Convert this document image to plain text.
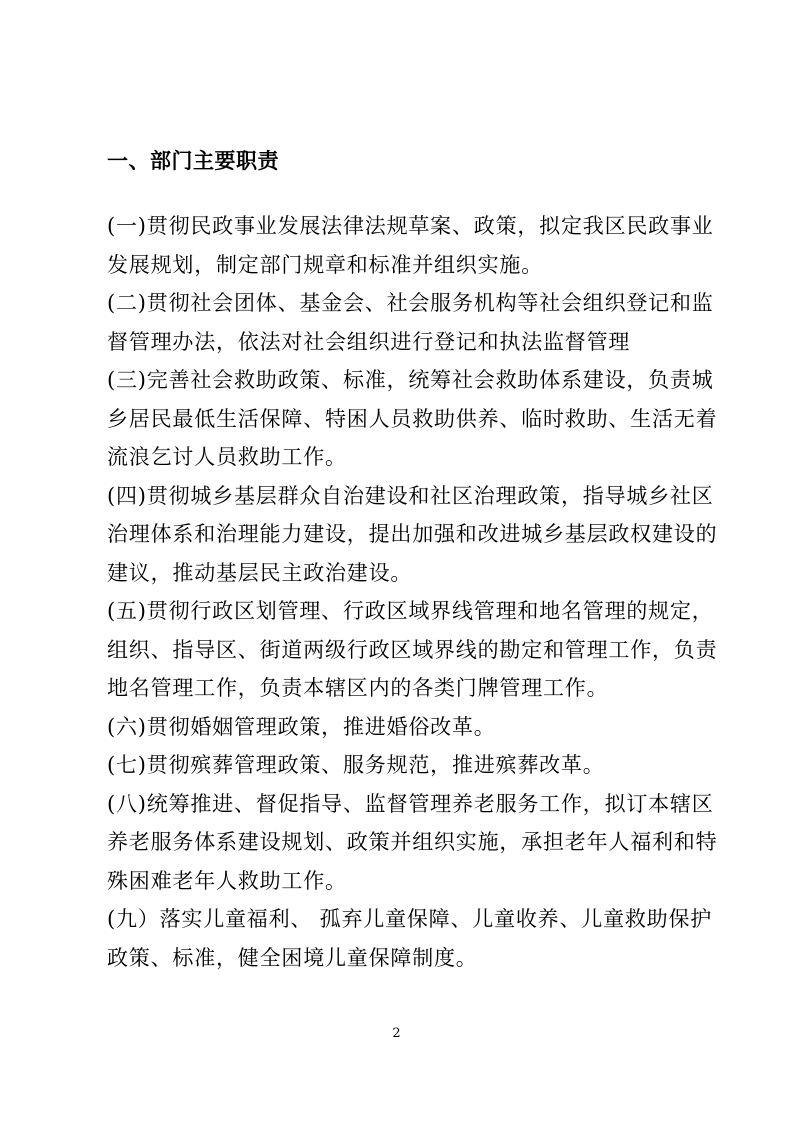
一、部门主要职责
(一)贯彻民政事业发展法律法规草案、政策，拟定我区民政事业
发展规划，制定部门规章和标准并组织实施。
(二)贯彻社会团体、基金会、社会服务机构等社会组织登记和监
督管理办法，依法对社会组织进行登记和执法监督管理
(三)完善社会救助政策、标准，统筹社会救助体系建设，负责城
乡居民最低生活保障、特困人员救助供养、临时救助、生活无着
流浪乞讨人员救助工作。
(四)贯彻城乡基层群众自治建设和社区治理政策，指导城乡社区
治理体系和治理能力建设，提出加强和改进城乡基层政权建设的
建议，推动基层民主政治建设。
(五)贯彻行政区划管理、行政区域界线管理和地名管理的规定，
组织、指导区、街道两级行政区域界线的勘定和管理工作，负责
地名管理工作，负责本辖区内的各类门牌管理工作。
(六)贯彻婚姻管理政策，推进婚俗改革。
(七)贯彻殡葬管理政策、服务规范，推进殡葬改革。
(八)统筹推进、督促指导、监督管理养老服务工作，拟订本辖区
养老服务体系建设规划、政策并组织实施，承担老年人福利和特
殊困难老年人救助工作。
(九）落实儿童福利、 孤弃儿童保障、儿童收养、儿童救助保护
政策、标准，健全困境儿童保障制度。
2
